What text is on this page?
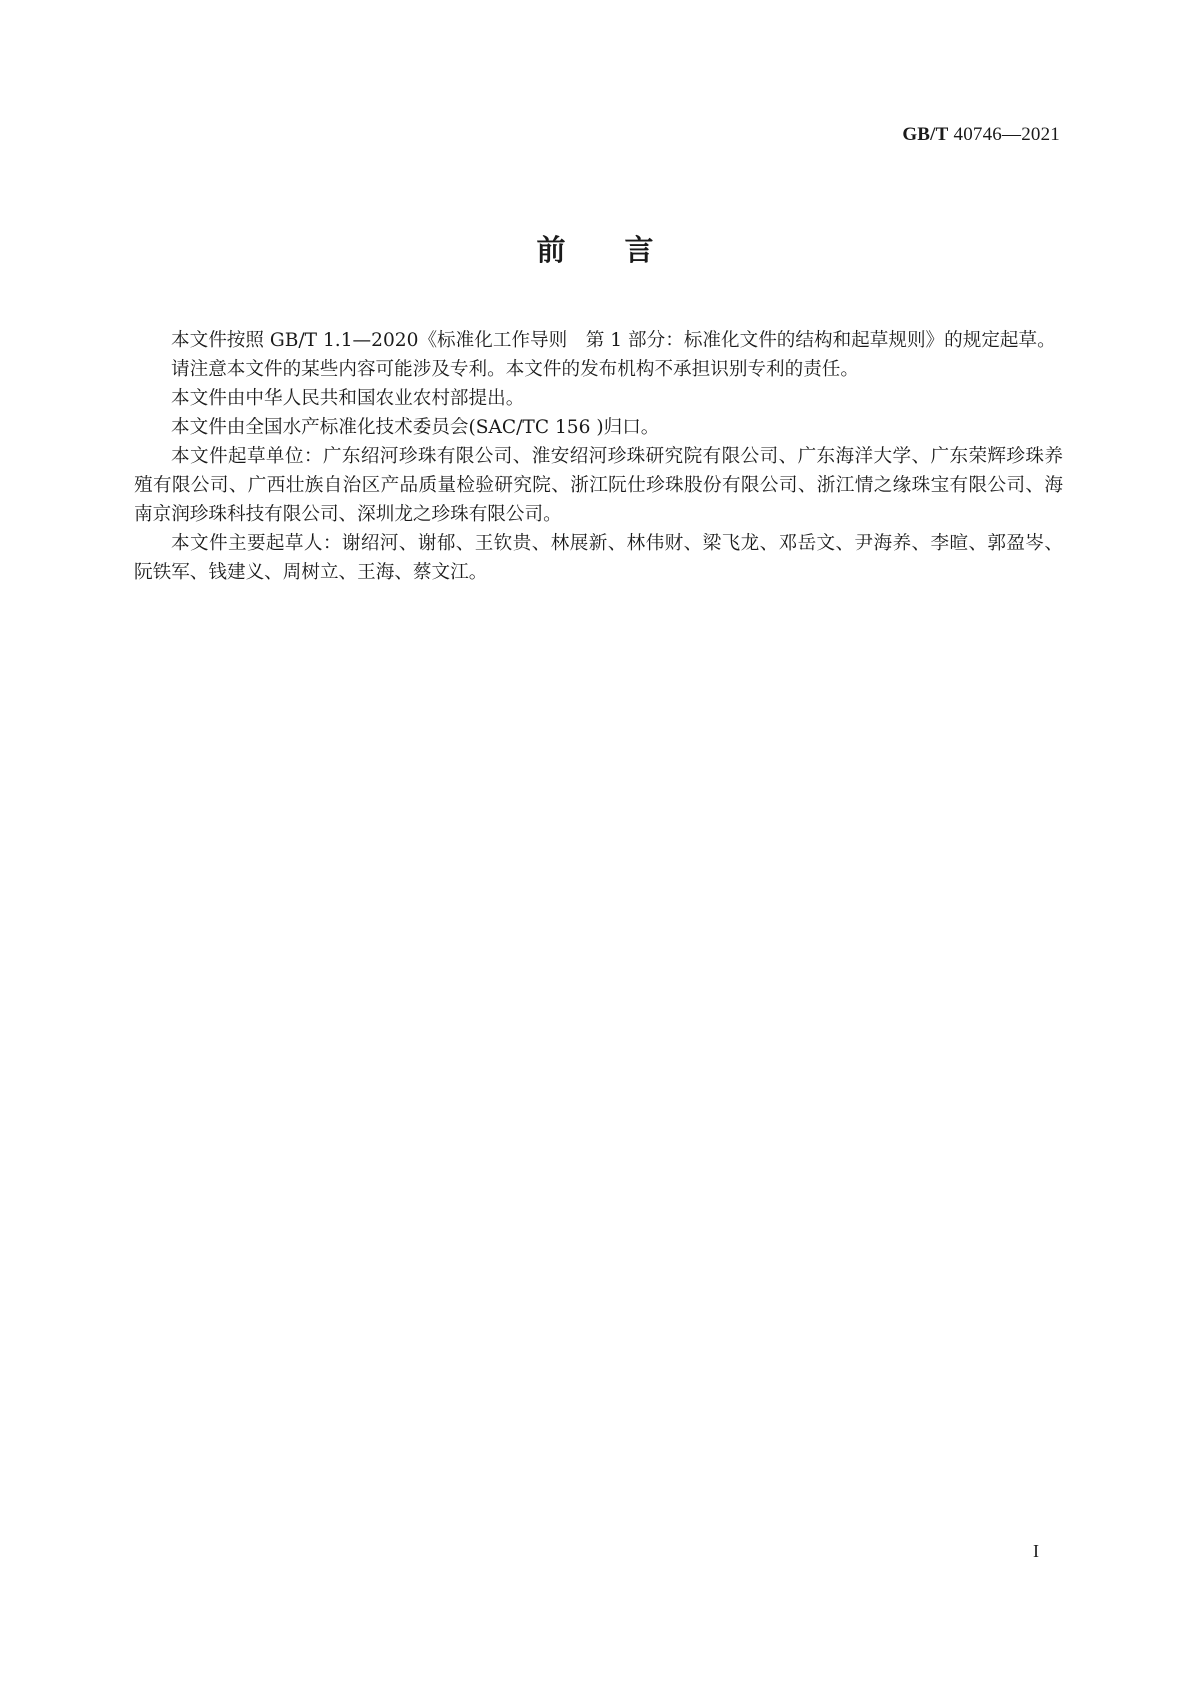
GB/T 40746—2021
前 言

本文件按照 GB/T 1.1—2020《标准化工作导则　第 1 部分：标准化文件的结构和起草规则》的规定起草。

请注意本文件的某些内容可能涉及专利。本文件的发布机构不承担识别专利的责任。

本文件由中华人民共和国农业农村部提出。

本文件由全国水产标准化技术委员会(SAC/TC 156 )归口。

本文件起草单位：广东绍河珍珠有限公司、淮安绍河珍珠研究院有限公司、广东海洋大学、广东荣辉珍珠养殖有限公司、广西壮族自治区产品质量检验研究院、浙江阮仕珍珠股份有限公司、浙江情之缘珠宝有限公司、海南京润珍珠科技有限公司、深圳龙之珍珠有限公司。

本文件主要起草人：谢绍河、谢郁、王钦贵、林展新、林伟财、梁飞龙、邓岳文、尹海养、李暄、郭盈岑、阮铁军、钱建义、周树立、王海、蔡文江。

I
